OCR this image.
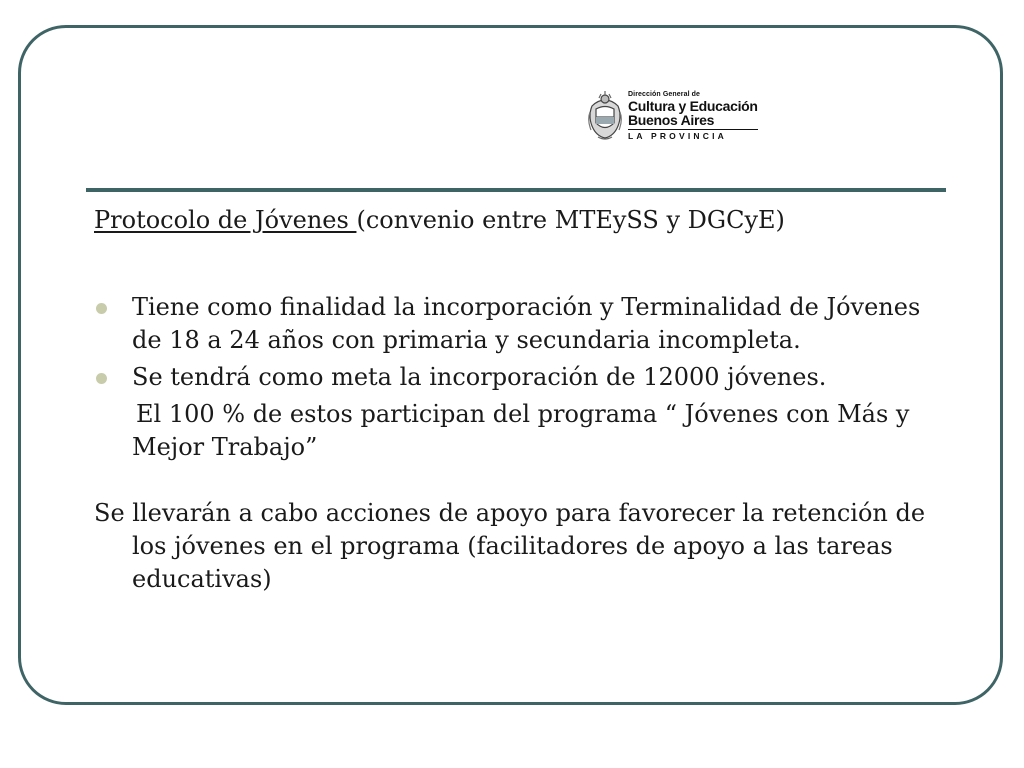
Dirección General de
Cultura y Educación
Buenos Aires
LA PROVINCIA

Protocolo de Jóvenes (convenio entre MTEySS y DGCyE)

Tiene como finalidad la incorporación y Terminalidad de Jóvenes de 18 a 24 años con primaria y secundaria incompleta.
Se tendrá como meta la incorporación de 12000 jóvenes.

El 100 % de estos participan del programa “ Jóvenes con Más y Mejor Trabajo”

Se llevarán a cabo acciones de apoyo para favorecer la retención de los jóvenes en el programa (facilitadores de apoyo a las tareas educativas)
